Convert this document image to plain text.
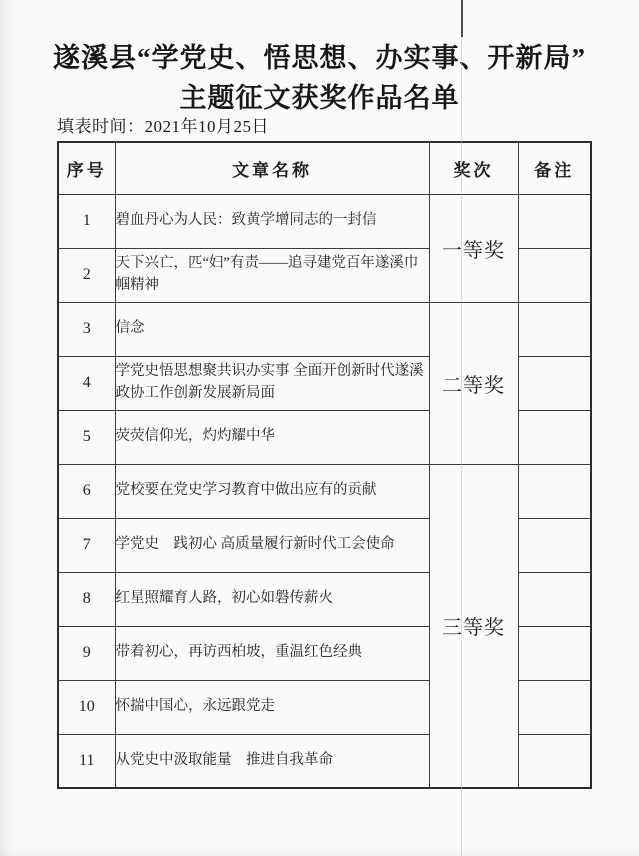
遂溪县“学党史、悟思想、办实事、开新局”
主题征文获奖作品名单
填表时间：2021年10月25日
序号	文章名称	奖次	备注
1	碧血丹心为人民：致黄学增同志的一封信	一等奖	
2	天下兴亡，匹“妇”有责——追寻建党百年遂溪巾帼精神		
3	信念	二等奖	
4	学党史悟思想聚共识办实事 全面开创新时代遂溪政协工作创新发展新局面		
5	荧荧信仰光，灼灼耀中华		
6	党校要在党史学习教育中做出应有的贡献	三等奖	
7	学党史　践初心 高质量履行新时代工会使命		
8	红星照耀育人路，初心如磐传薪火		
9	带着初心，再访西柏坡，重温红色经典		
10	怀揣中国心，永远跟党走		
11	从党史中汲取能量　推进自我革命		
